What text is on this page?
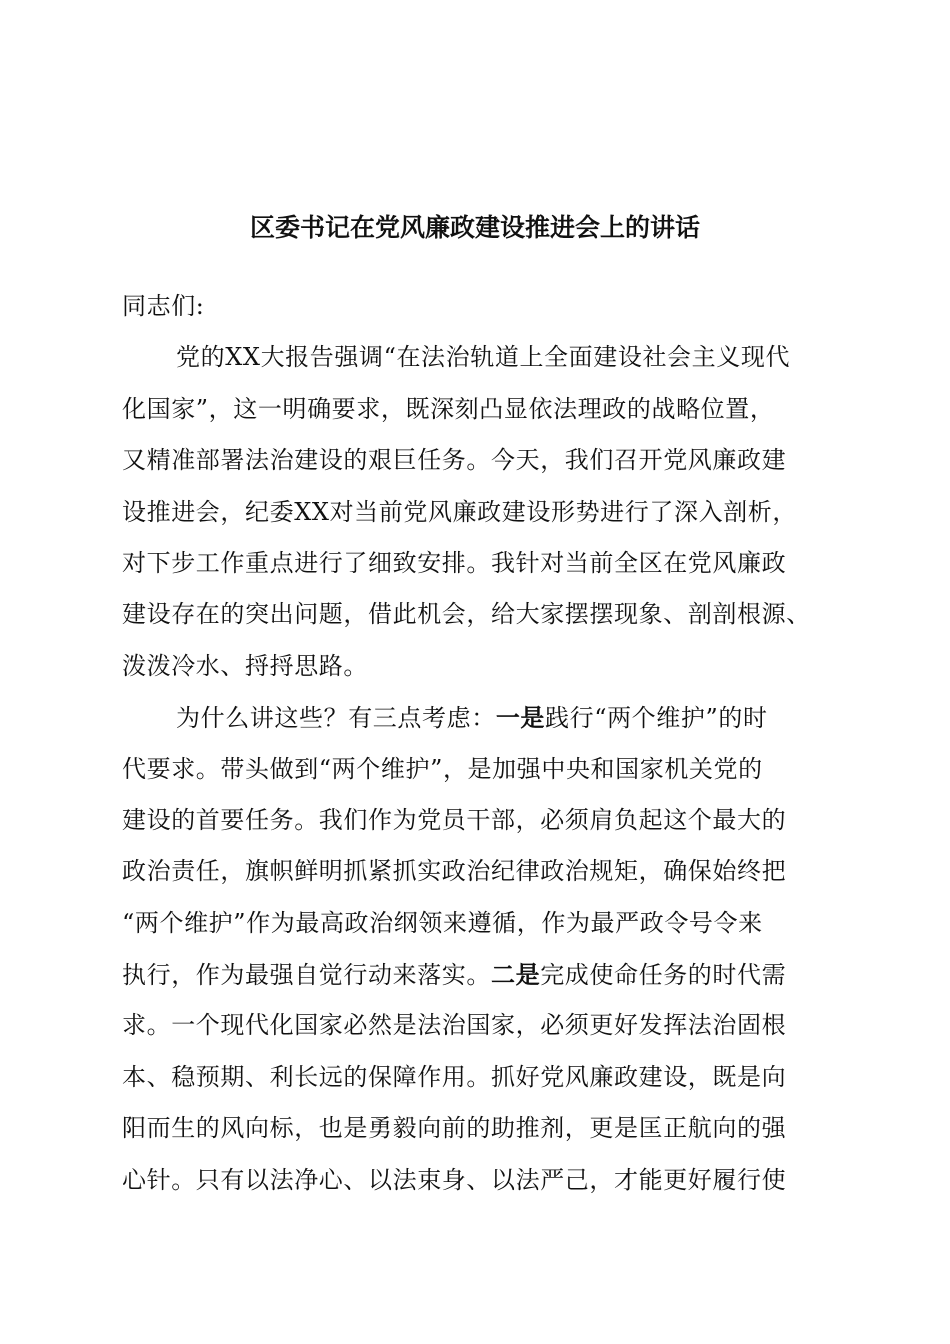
区委书记在党风廉政建设推进会上的讲话
同志们:
党的XX大报告强调“在法治轨道上全面建设社会主义现代
化国家”，这一明确要求，既深刻凸显依法理政的战略位置，
又精准部署法治建设的艰巨任务。今天，我们召开党风廉政建
设推进会，纪委XX对当前党风廉政建设形势进行了深入剖析，
对下步工作重点进行了细致安排。我针对当前全区在党风廉政
建设存在的突出问题，借此机会，给大家摆摆现象、剖剖根源、
泼泼冷水、捋捋思路。
为什么讲这些？有三点考虑：一是践行“两个维护”的时
代要求。带头做到“两个维护”，是加强中央和国家机关党的
建设的首要任务。我们作为党员干部，必须肩负起这个最大的
政治责任，旗帜鲜明抓紧抓实政治纪律政治规矩，确保始终把
“两个维护”作为最高政治纲领来遵循，作为最严政令号令来
执行，作为最强自觉行动来落实。二是完成使命任务的时代需
求。一个现代化国家必然是法治国家，必须更好发挥法治固根
本、稳预期、利长远的保障作用。抓好党风廉政建设，既是向
阳而生的风向标，也是勇毅向前的助推剂，更是匡正航向的强
心针。只有以法净心、以法束身、以法严己，才能更好履行使
